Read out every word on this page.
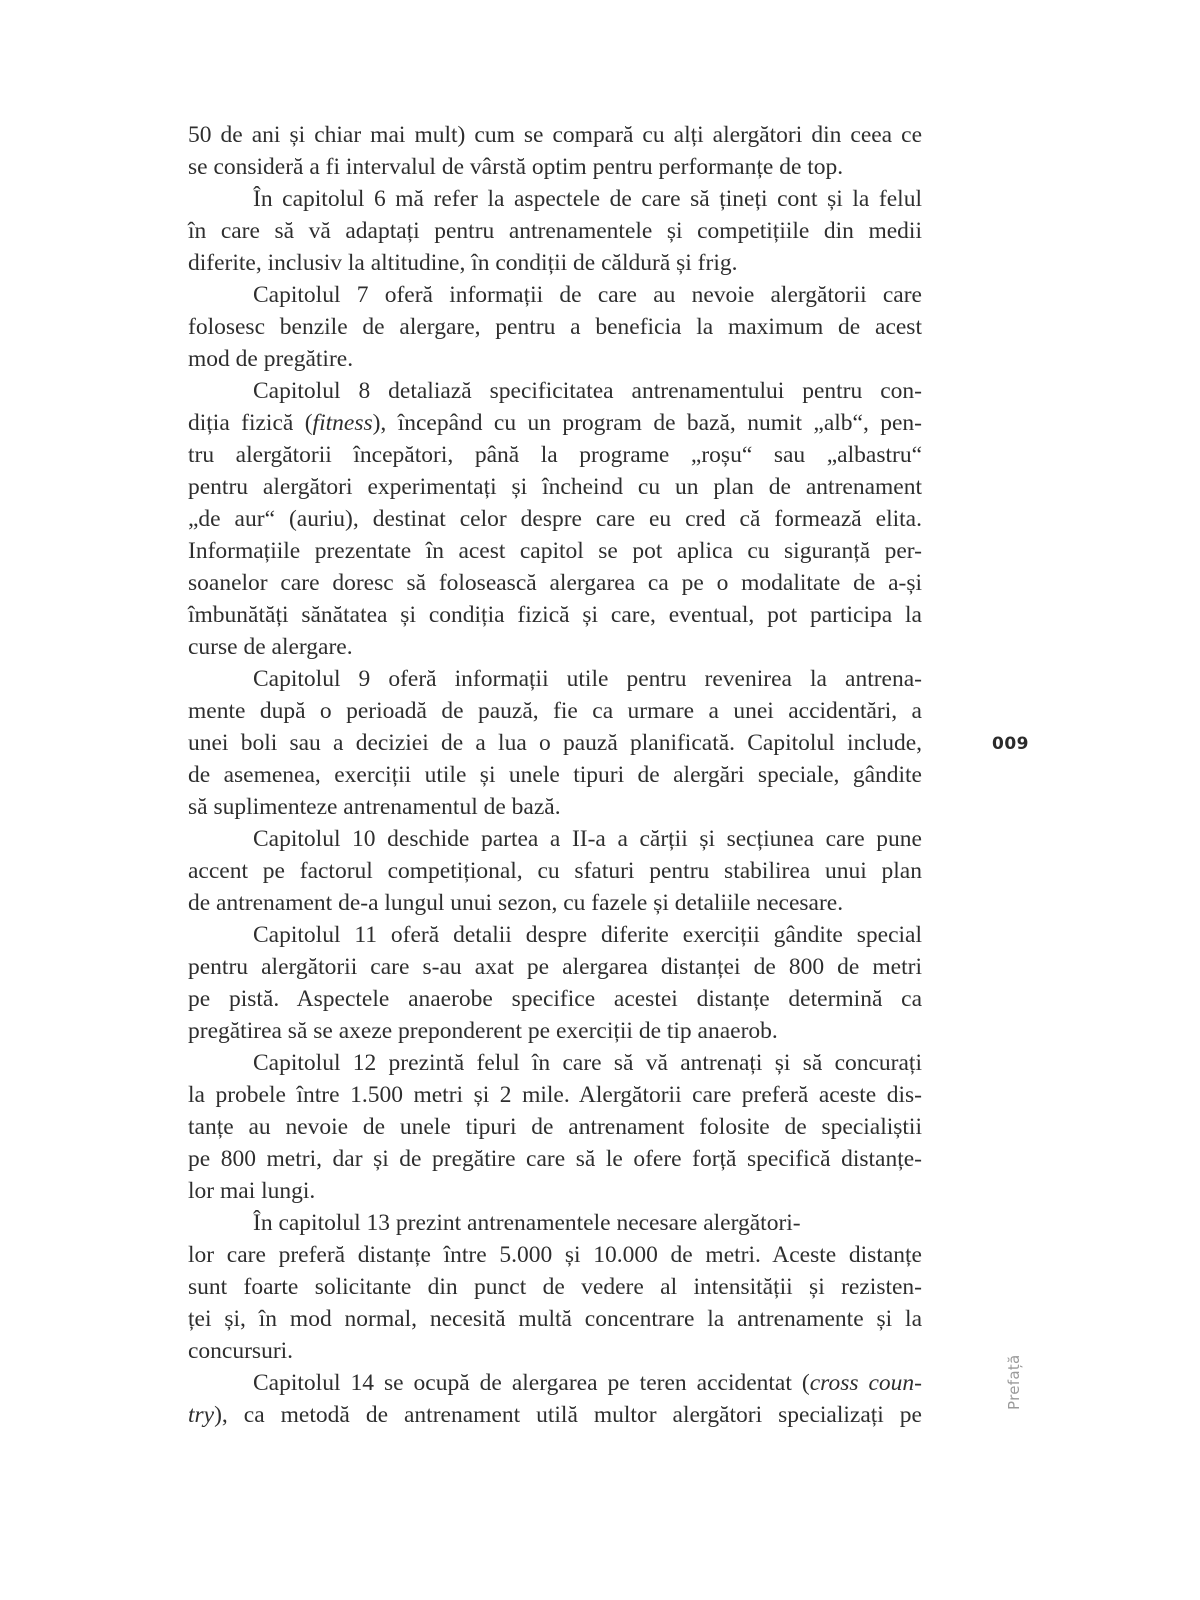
50 de ani și chiar mai mult) cum se compară cu alți alergători din ceea ce
se consideră a fi intervalul de vârstă optim pentru performanțe de top.
În capitolul 6 mă refer la aspectele de care să țineți cont și la felul
în care să vă adaptați pentru antrenamentele și competițiile din medii
diferite, inclusiv la altitudine, în condiții de căldură și frig.
Capitolul 7 oferă informații de care au nevoie alergătorii care
folosesc benzile de alergare, pentru a beneficia la maximum de acest
mod de pregătire.
Capitolul 8 detaliază specificitatea antrenamentului pentru con-
diția fizică (fitness), începând cu un program de bază, numit „alb“, pen-
tru alergătorii începători, până la programe „roșu“ sau „albastru“
pentru alergători experimentați și încheind cu un plan de antrenament
„de aur“ (auriu), destinat celor despre care eu cred că formează elita.
Informațiile prezentate în acest capitol se pot aplica cu siguranță per-
soanelor care doresc să folosească alergarea ca pe o modalitate de a-și
îmbunătăți sănătatea și condiția fizică și care, eventual, pot participa la
curse de alergare.
Capitolul 9 oferă informații utile pentru revenirea la antrena-
mente după o perioadă de pauză, fie ca urmare a unei accidentări, a
unei boli sau a deciziei de a lua o pauză planificată. Capitolul include,
de asemenea, exerciții utile și unele tipuri de alergări speciale, gândite
să suplimenteze antrenamentul de bază.
Capitolul 10 deschide partea a II-a a cărții și secțiunea care pune
accent pe factorul competițional, cu sfaturi pentru stabilirea unui plan
de antrenament de-a lungul unui sezon, cu fazele și detaliile necesare.
Capitolul 11 oferă detalii despre diferite exerciții gândite special
pentru alergătorii care s-au axat pe alergarea distanței de 800 de metri
pe pistă. Aspectele anaerobe specifice acestei distanțe determină ca
pregătirea să se axeze preponderent pe exerciții de tip anaerob.
Capitolul 12 prezintă felul în care să vă antrenați și să concurați
la probele între 1.500 metri și 2 mile. Alergătorii care preferă aceste dis-
tanțe au nevoie de unele tipuri de antrenament folosite de specialiștii
pe 800 metri, dar și de pregătire care să le ofere forță specifică distanțe-
lor mai lungi.
În capitolul 13 prezint antrenamentele necesare alergători-
lor care preferă distanțe între 5.000 și 10.000 de metri. Aceste distanțe
sunt foarte solicitante din punct de vedere al intensității și rezisten-
ței și, în mod normal, necesită multă concentrare la antrenamente și la
concursuri.
Capitolul 14 se ocupă de alergarea pe teren accidentat (cross coun-
try), ca metodă de antrenament utilă multor alergători specializați pe
009
Prefață
